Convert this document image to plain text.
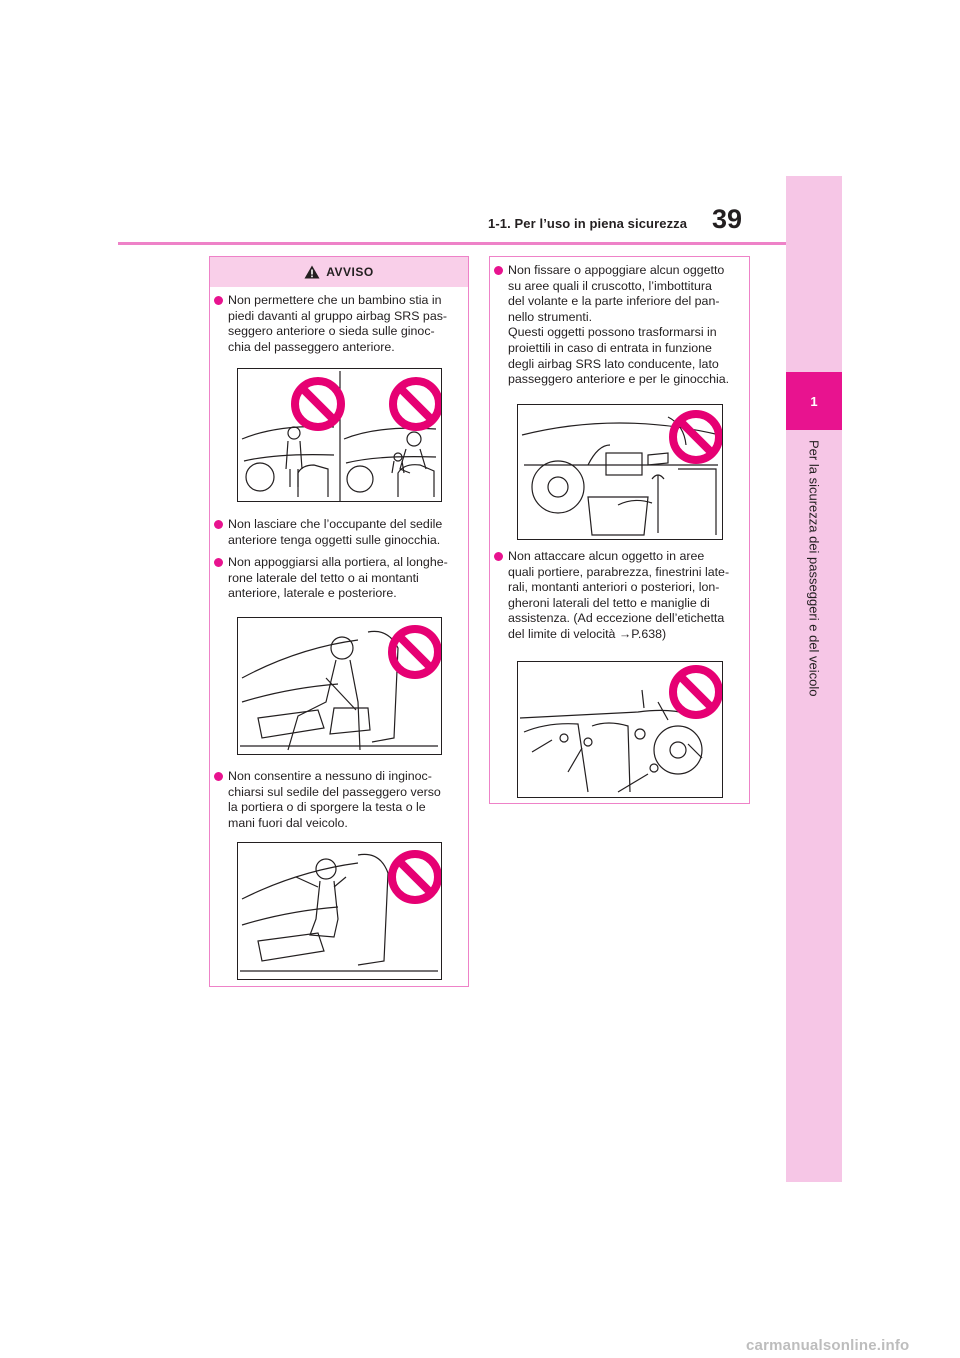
1-1. Per l’uso in piena sicurezza 39
1
Per la sicurezza dei passeggeri e del veicolo
AVVISO

Non permettere che un bambino stia in
piedi davanti al gruppo airbag SRS pas-
seggero anteriore o sieda sulle ginoc-
chia del passeggero anteriore.

Non lasciare che l’occupante del sedile
anteriore tenga oggetti sulle ginocchia.

Non appoggiarsi alla portiera, al longhe-
rone laterale del tetto o ai montanti
anteriore, laterale e posteriore.

Non consentire a nessuno di inginoc-
chiarsi sul sedile del passeggero verso
la portiera o di sporgere la testa o le
mani fuori dal veicolo.

Non fissare o appoggiare alcun oggetto
su aree quali il cruscotto, l’imbottitura
del volante e la parte inferiore del pan-
nello strumenti.
Questi oggetti possono trasformarsi in
proiettili in caso di entrata in funzione
degli airbag SRS lato conducente, lato
passeggero anteriore e per le ginocchia.

Non attaccare alcun oggetto in aree
quali portiere, parabrezza, finestrini late-
rali, montanti anteriori o posteriori, lon-
gheroni laterali del tetto e maniglie di
assistenza. (Ad eccezione dell’etichetta
del limite di velocità →P.638)

carmanualsonline.info
